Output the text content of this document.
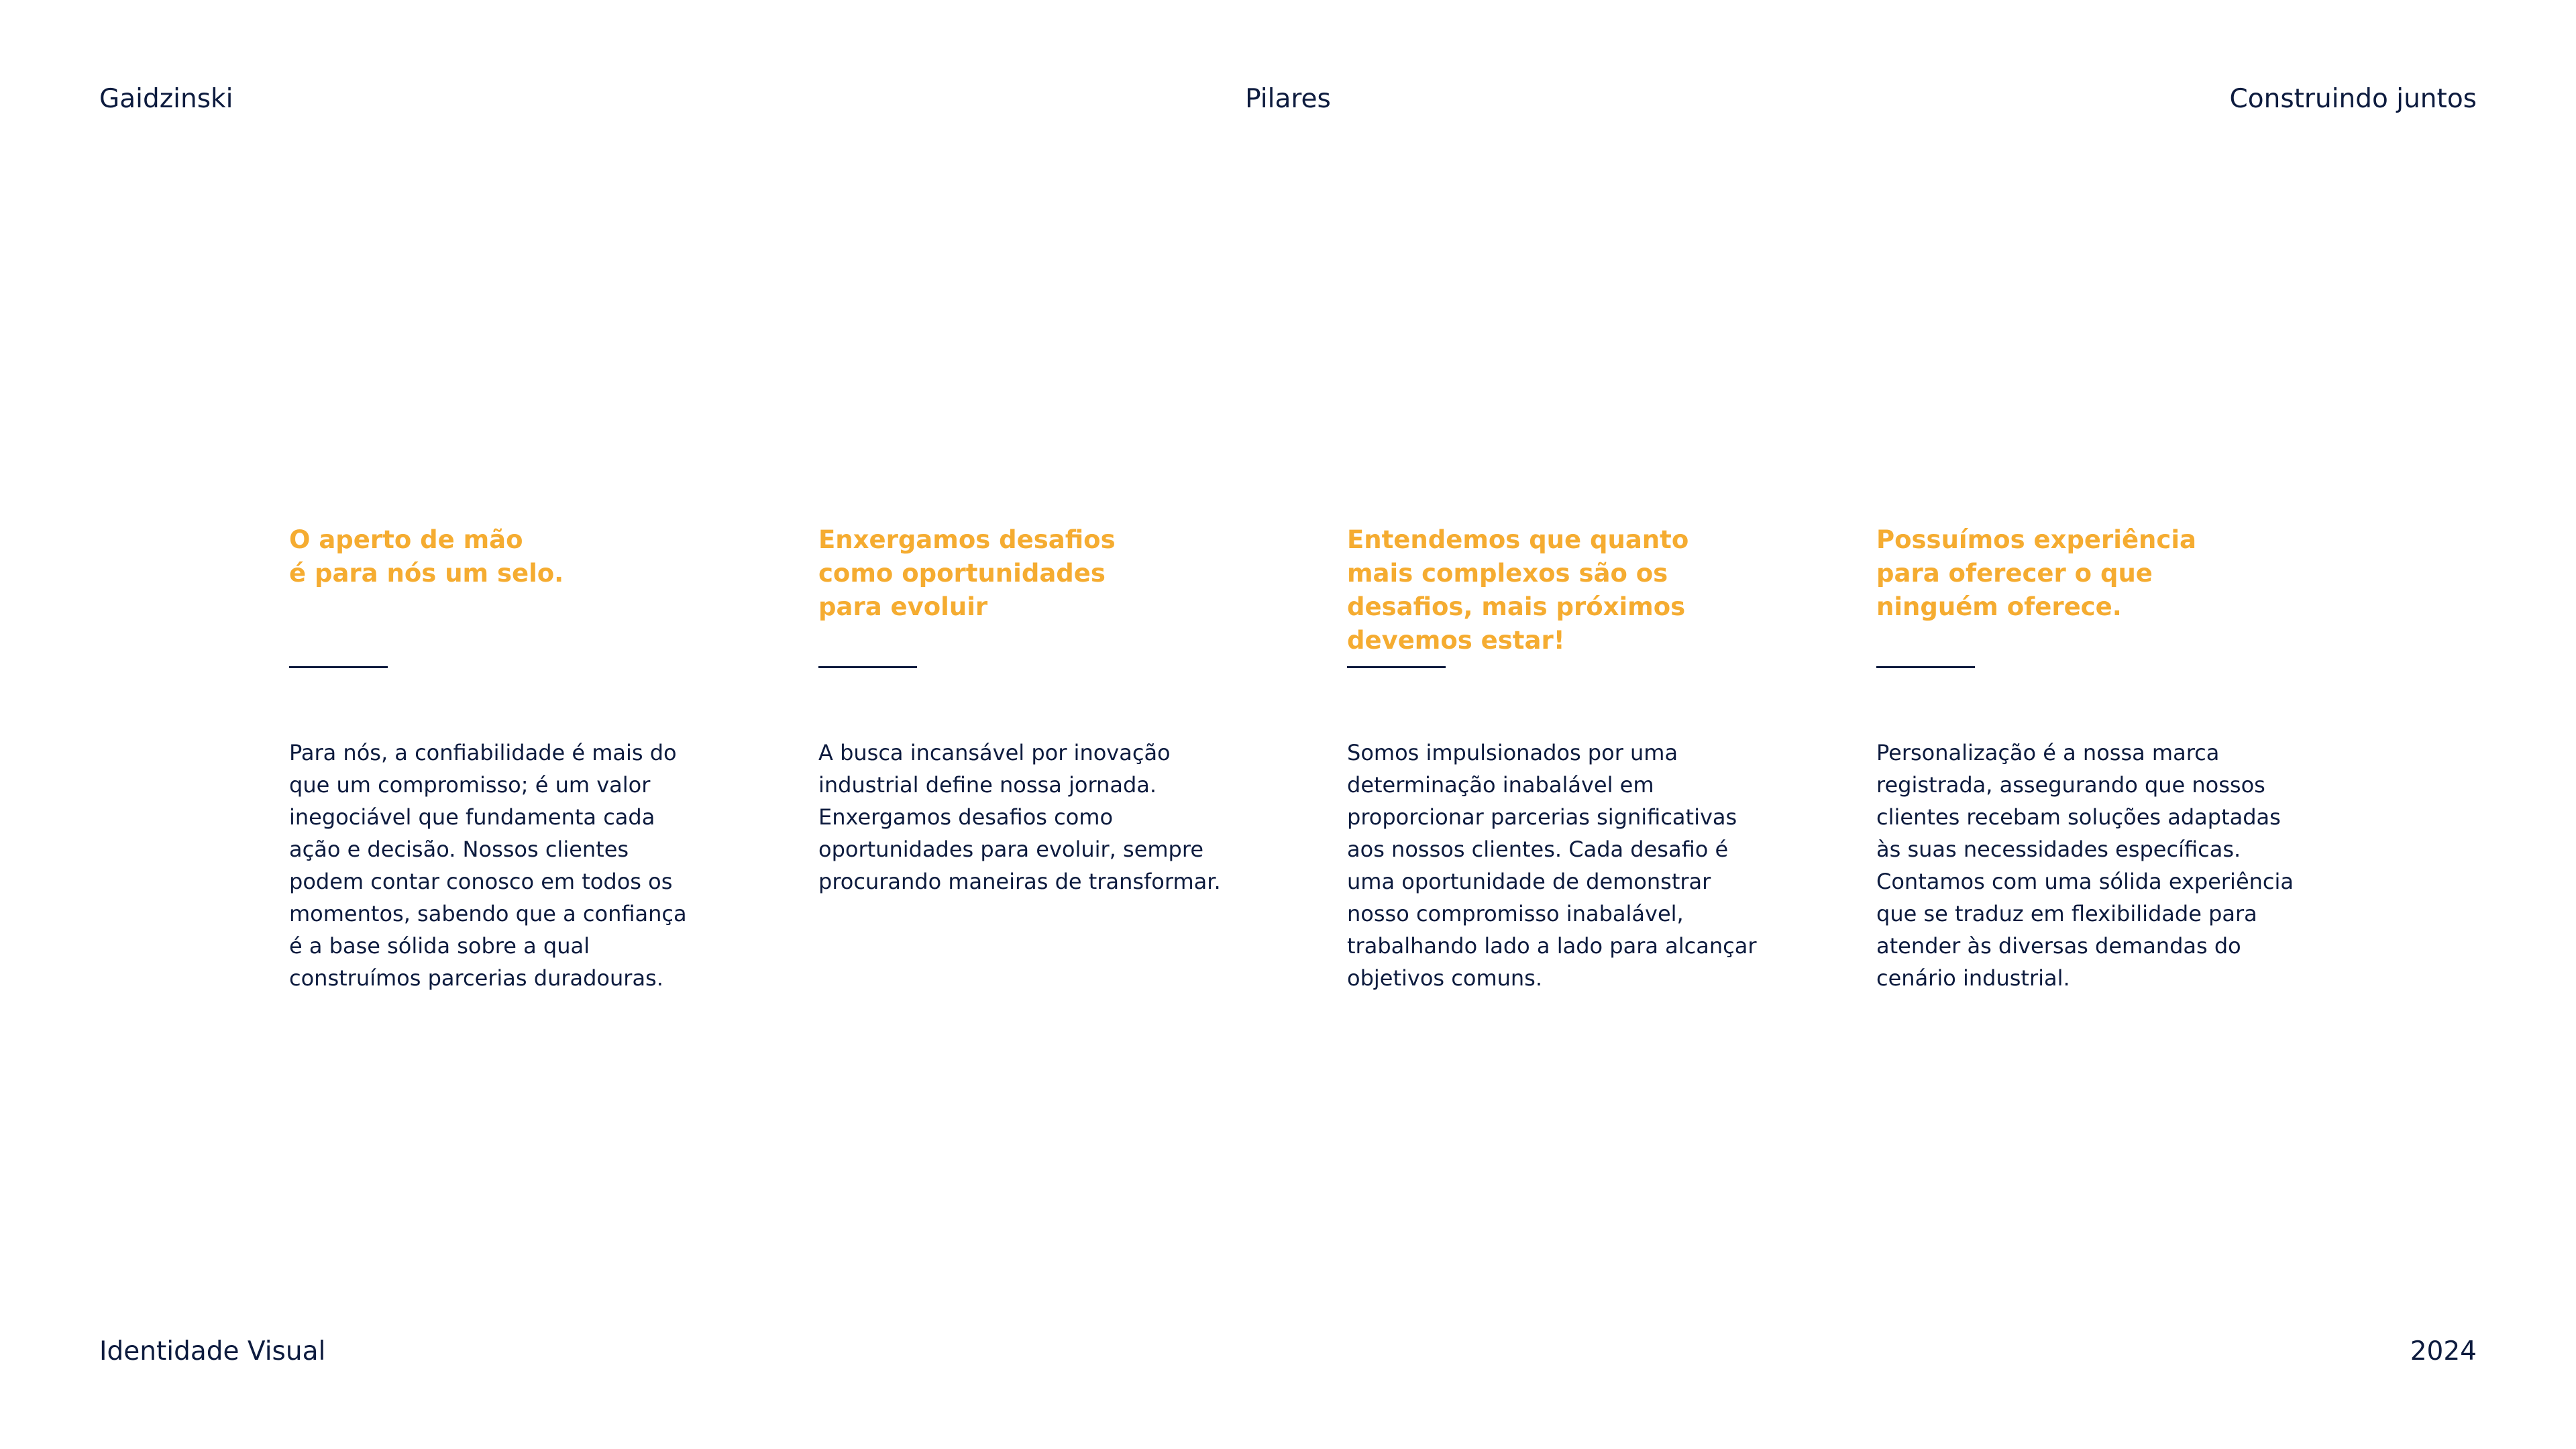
Gaidzinski	Pilares	Construindo juntos
O aperto de mão
é para nós um selo.
Para nós, a confiabilidade é mais do
que um compromisso; é um valor
inegociável que fundamenta cada
ação e decisão. Nossos clientes
podem contar conosco em todos os
momentos, sabendo que a confiança
é a base sólida sobre a qual
construímos parcerias duradouras.
Enxergamos desafios
como oportunidades
para evoluir
A busca incansável por inovação
industrial define nossa jornada.
Enxergamos desafios como
oportunidades para evoluir, sempre
procurando maneiras de transformar.
Entendemos que quanto
mais complexos são os
desafios, mais próximos
devemos estar!
Somos impulsionados por uma
determinação inabalável em
proporcionar parcerias significativas
aos nossos clientes. Cada desafio é
uma oportunidade de demonstrar
nosso compromisso inabalável,
trabalhando lado a lado para alcançar
objetivos comuns.
Possuímos experiência
para oferecer o que
ninguém oferece.
Personalização é a nossa marca
registrada, assegurando que nossos
clientes recebam soluções adaptadas
às suas necessidades específicas.
Contamos com uma sólida experiência
que se traduz em flexibilidade para
atender às diversas demandas do
cenário industrial.
Identidade Visual	2024
